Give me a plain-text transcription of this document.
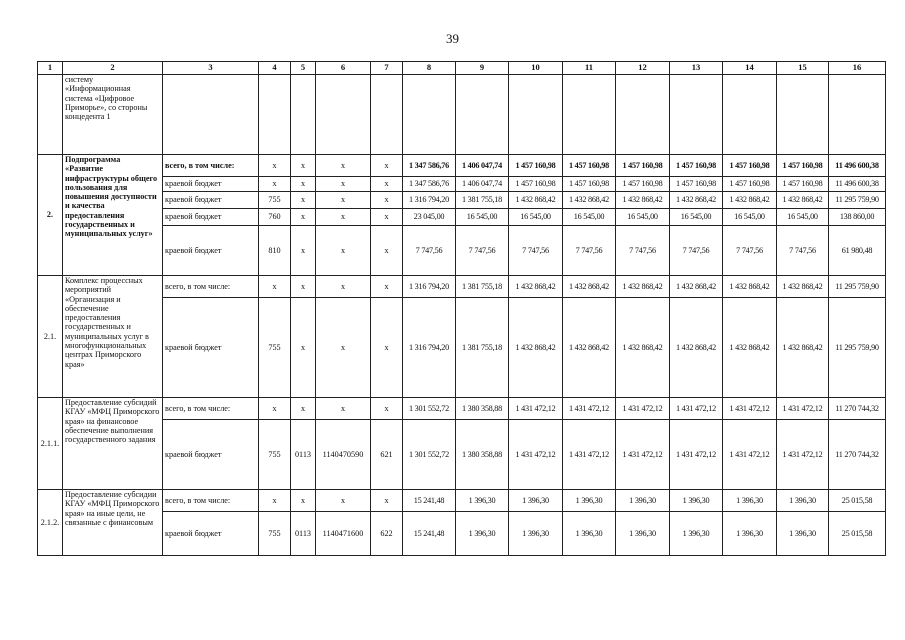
39
1	2	3	4	5	6	7	8	9	10	11	12	13	14	15	16
	систему «Информационная система «Цифровое Приморье», со стороны концедента 1														
2.	Подпрограмма «Развитие инфраструктуры общего пользования для повышения доступности и качества предоставления государственных и муниципальных услуг»	всего, в том числе:	x	x	x	x	1 347 586,76	1 406 047,74	1 457 160,98	1 457 160,98	1 457 160,98	1 457 160,98	1 457 160,98	1 457 160,98	11 496 600,38
		краевой бюджет	x	x	x	x	1 347 586,76	1 406 047,74	1 457 160,98	1 457 160,98	1 457 160,98	1 457 160,98	1 457 160,98	1 457 160,98	11 496 600,38
		краевой бюджет	755	x	x	x	1 316 794,20	1 381 755,18	1 432 868,42	1 432 868,42	1 432 868,42	1 432 868,42	1 432 868,42	1 432 868,42	11 295 759,90
		краевой бюджет	760	x	x	x	23 045,00	16 545,00	16 545,00	16 545,00	16 545,00	16 545,00	16 545,00	16 545,00	138 860,00
		краевой бюджет	810	x	x	x	7 747,56	7 747,56	7 747,56	7 747,56	7 747,56	7 747,56	7 747,56	7 747,56	61 980,48
2.1.	Комплекс процессных мероприятий «Организация и обеспечение предоставления государственных и муниципальных услуг в многофункциональных центрах Приморского края»	всего, в том числе:	x	x	x	x	1 316 794,20	1 381 755,18	1 432 868,42	1 432 868,42	1 432 868,42	1 432 868,42	1 432 868,42	1 432 868,42	11 295 759,90
		краевой бюджет	755	x	x	x	1 316 794,20	1 381 755,18	1 432 868,42	1 432 868,42	1 432 868,42	1 432 868,42	1 432 868,42	1 432 868,42	11 295 759,90
2.1.1.	Предоставление субсидий КГАУ «МФЦ Приморского края» на финансовое обеспечение выполнения государственного задания	всего, в том числе:	x	x	x	x	1 301 552,72	1 380 358,88	1 431 472,12	1 431 472,12	1 431 472,12	1 431 472,12	1 431 472,12	1 431 472,12	11 270 744,32
		краевой бюджет	755	0113	1140470590	621	1 301 552,72	1 380 358,88	1 431 472,12	1 431 472,12	1 431 472,12	1 431 472,12	1 431 472,12	1 431 472,12	11 270 744,32
2.1.2.	Предоставление субсидии КГАУ «МФЦ Приморского края» на иные цели, не связанные с финансовым	всего, в том числе:	x	x	x	x	15 241,48	1 396,30	1 396,30	1 396,30	1 396,30	1 396,30	1 396,30	1 396,30	25 015,58
		краевой бюджет	755	0113	1140471600	622	15 241,48	1 396,30	1 396,30	1 396,30	1 396,30	1 396,30	1 396,30	1 396,30	25 015,58
